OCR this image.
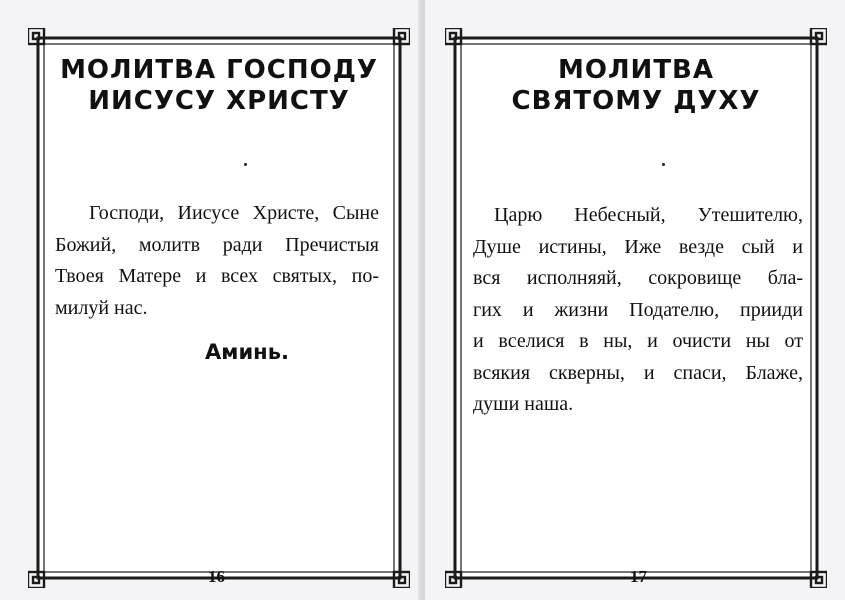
МОЛИТВА ГОСПОДУ
ИИСУСУ ХРИСТУ
Господи, Иисусе Христе, Сыне
Божий, молитв ради Пречистыя
Твоея Матере и всех святых, по-
милуй нас.
Аминь.
16
МОЛИТВА
СВЯТОМУ ДУХУ
Царю Небесный, Утешителю,
Душе истины, Иже везде сый и
вся исполняяй, сокровище бла-
гих и жизни Подателю, прииди
и вселися в ны, и очисти ны от
всякия скверны, и спаси, Блаже,
души наша.
17
